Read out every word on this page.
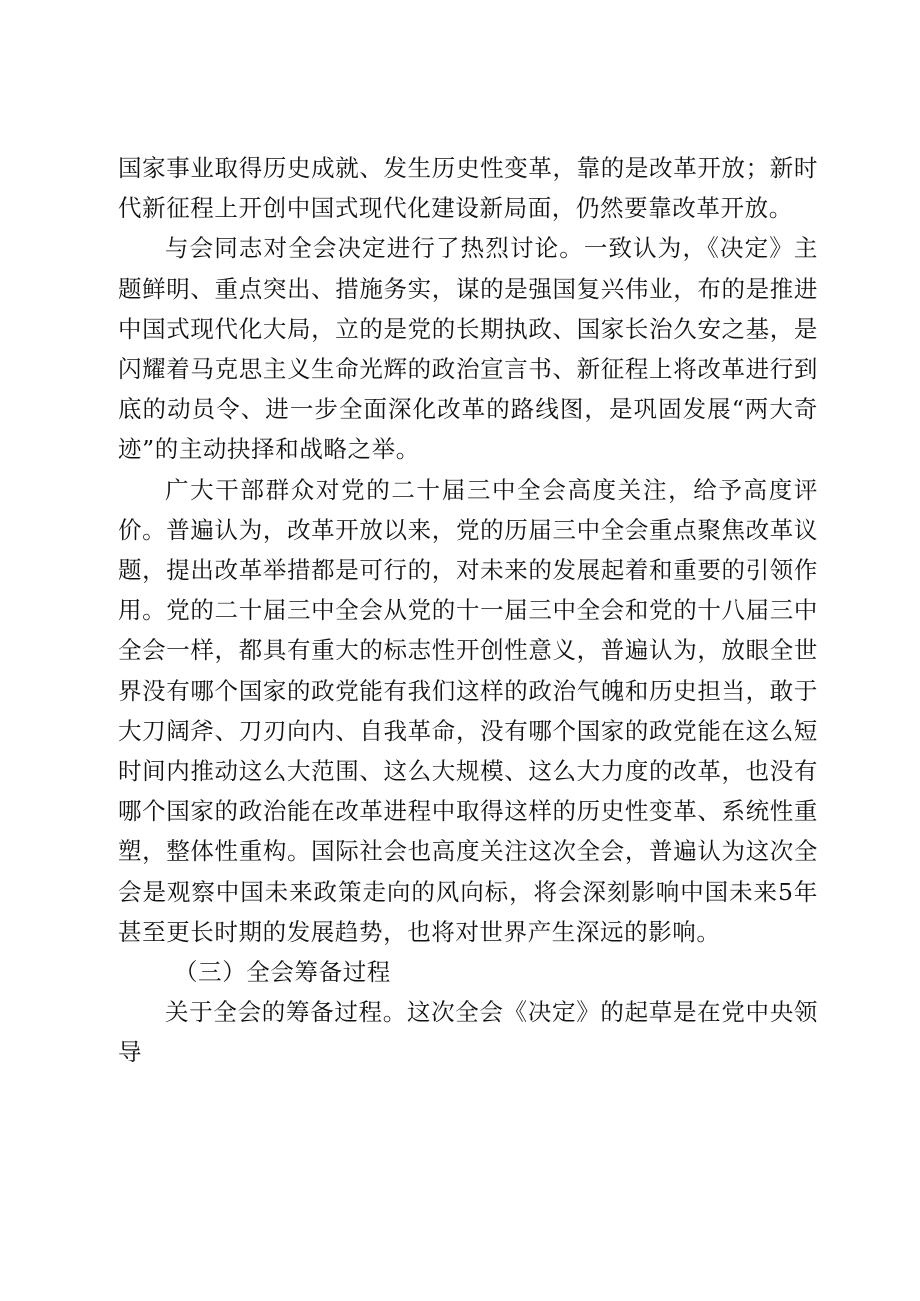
国家事业取得历史成就、发生历史性变革，靠的是改革开放；新时代新征程上开创中国式现代化建设新局面，仍然要靠改革开放。

与会同志对全会决定进行了热烈讨论。一致认为，《决定》主题鲜明、重点突出、措施务实，谋的是强国复兴伟业，布的是推进中国式现代化大局，立的是党的长期执政、国家长治久安之基，是闪耀着马克思主义生命光辉的政治宣言书、新征程上将改革进行到底的动员令、进一步全面深化改革的路线图，是巩固发展“两大奇迹”的主动抉择和战略之举。

广大干部群众对党的二十届三中全会高度关注，给予高度评价。普遍认为，改革开放以来，党的历届三中全会重点聚焦改革议题，提出改革举措都是可行的，对未来的发展起着和重要的引领作用。党的二十届三中全会从党的十一届三中全会和党的十八届三中全会一样，都具有重大的标志性开创性意义，普遍认为，放眼全世界没有哪个国家的政党能有我们这样的政治气魄和历史担当，敢于大刀阔斧、刀刃向内、自我革命，没有哪个国家的政党能在这么短时间内推动这么大范围、这么大规模、这么大力度的改革，也没有哪个国家的政治能在改革进程中取得这样的历史性变革、系统性重塑，整体性重构。国际社会也高度关注这次全会，普遍认为这次全会是观察中国未来政策走向的风向标，将会深刻影响中国未来5年甚至更长时期的发展趋势，也将对世界产生深远的影响。

（三）全会筹备过程

关于全会的筹备过程。这次全会《决定》的起草是在党中央领导
